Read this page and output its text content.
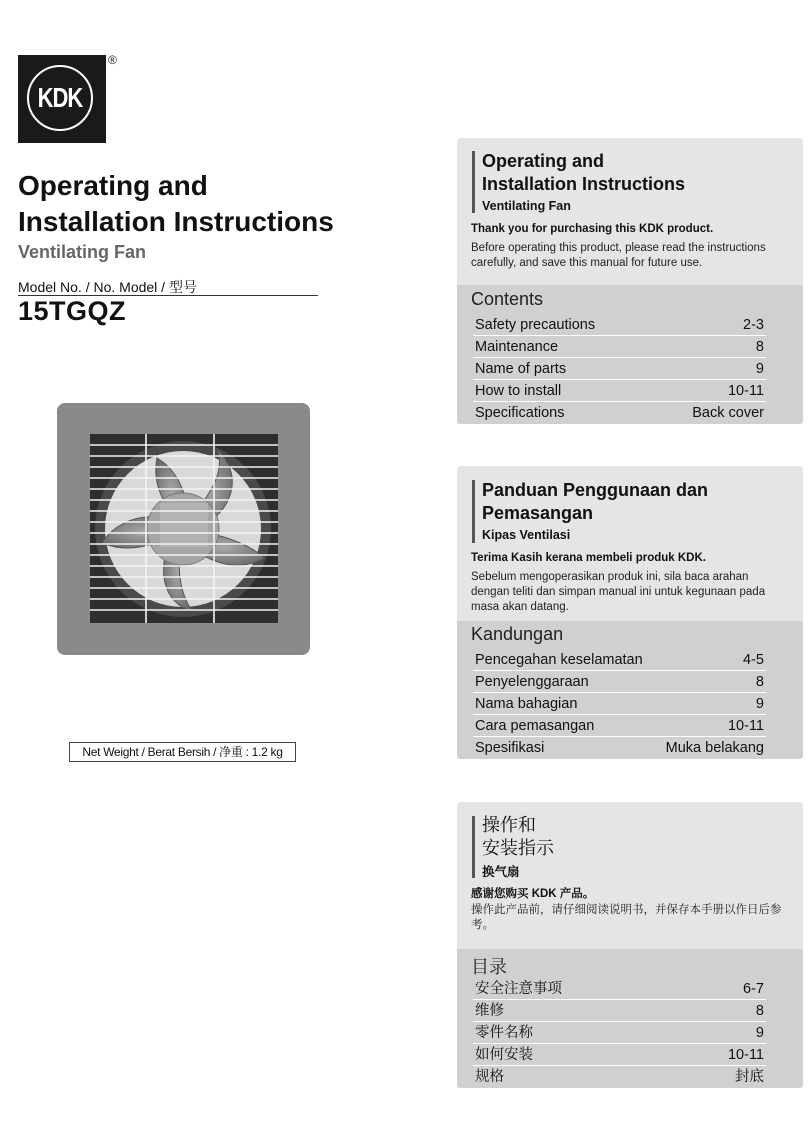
KDK
®
Operating and
Installation Instructions
Ventilating Fan
Model No. / No. Model / 型号
15TGQZ
Net Weight / Berat Bersih / 净重 : 1.2 kg
Operating and
Installation Instructions
Ventilating Fan
Thank you for purchasing this KDK product.
Before operating this product, please read the instructions carefully, and save this manual for future use.
Contents
Safety precautions	2-3
Maintenance	8
Name of parts	9
How to install	10-11
Specifications	Back cover
Panduan Penggunaan dan
Pemasangan
Kipas Ventilasi
Terima Kasih kerana membeli produk KDK.
Sebelum mengoperasikan produk ini, sila baca arahan dengan teliti dan simpan manual ini untuk kegunaan pada masa akan datang.
Kandungan
Pencegahan keselamatan	4-5
Penyelenggaraan	8
Nama bahagian	9
Cara pemasangan	10-11
Spesifikasi	Muka belakang
操作和
安装指示
换气扇
感谢您购买 KDK 产品。
操作此产品前，请仔细阅读说明书，并保存本手册以作日后参考。
目录
安全注意事项	6-7
维修	8
零件名称	9
如何安装	10-11
规格	封底
